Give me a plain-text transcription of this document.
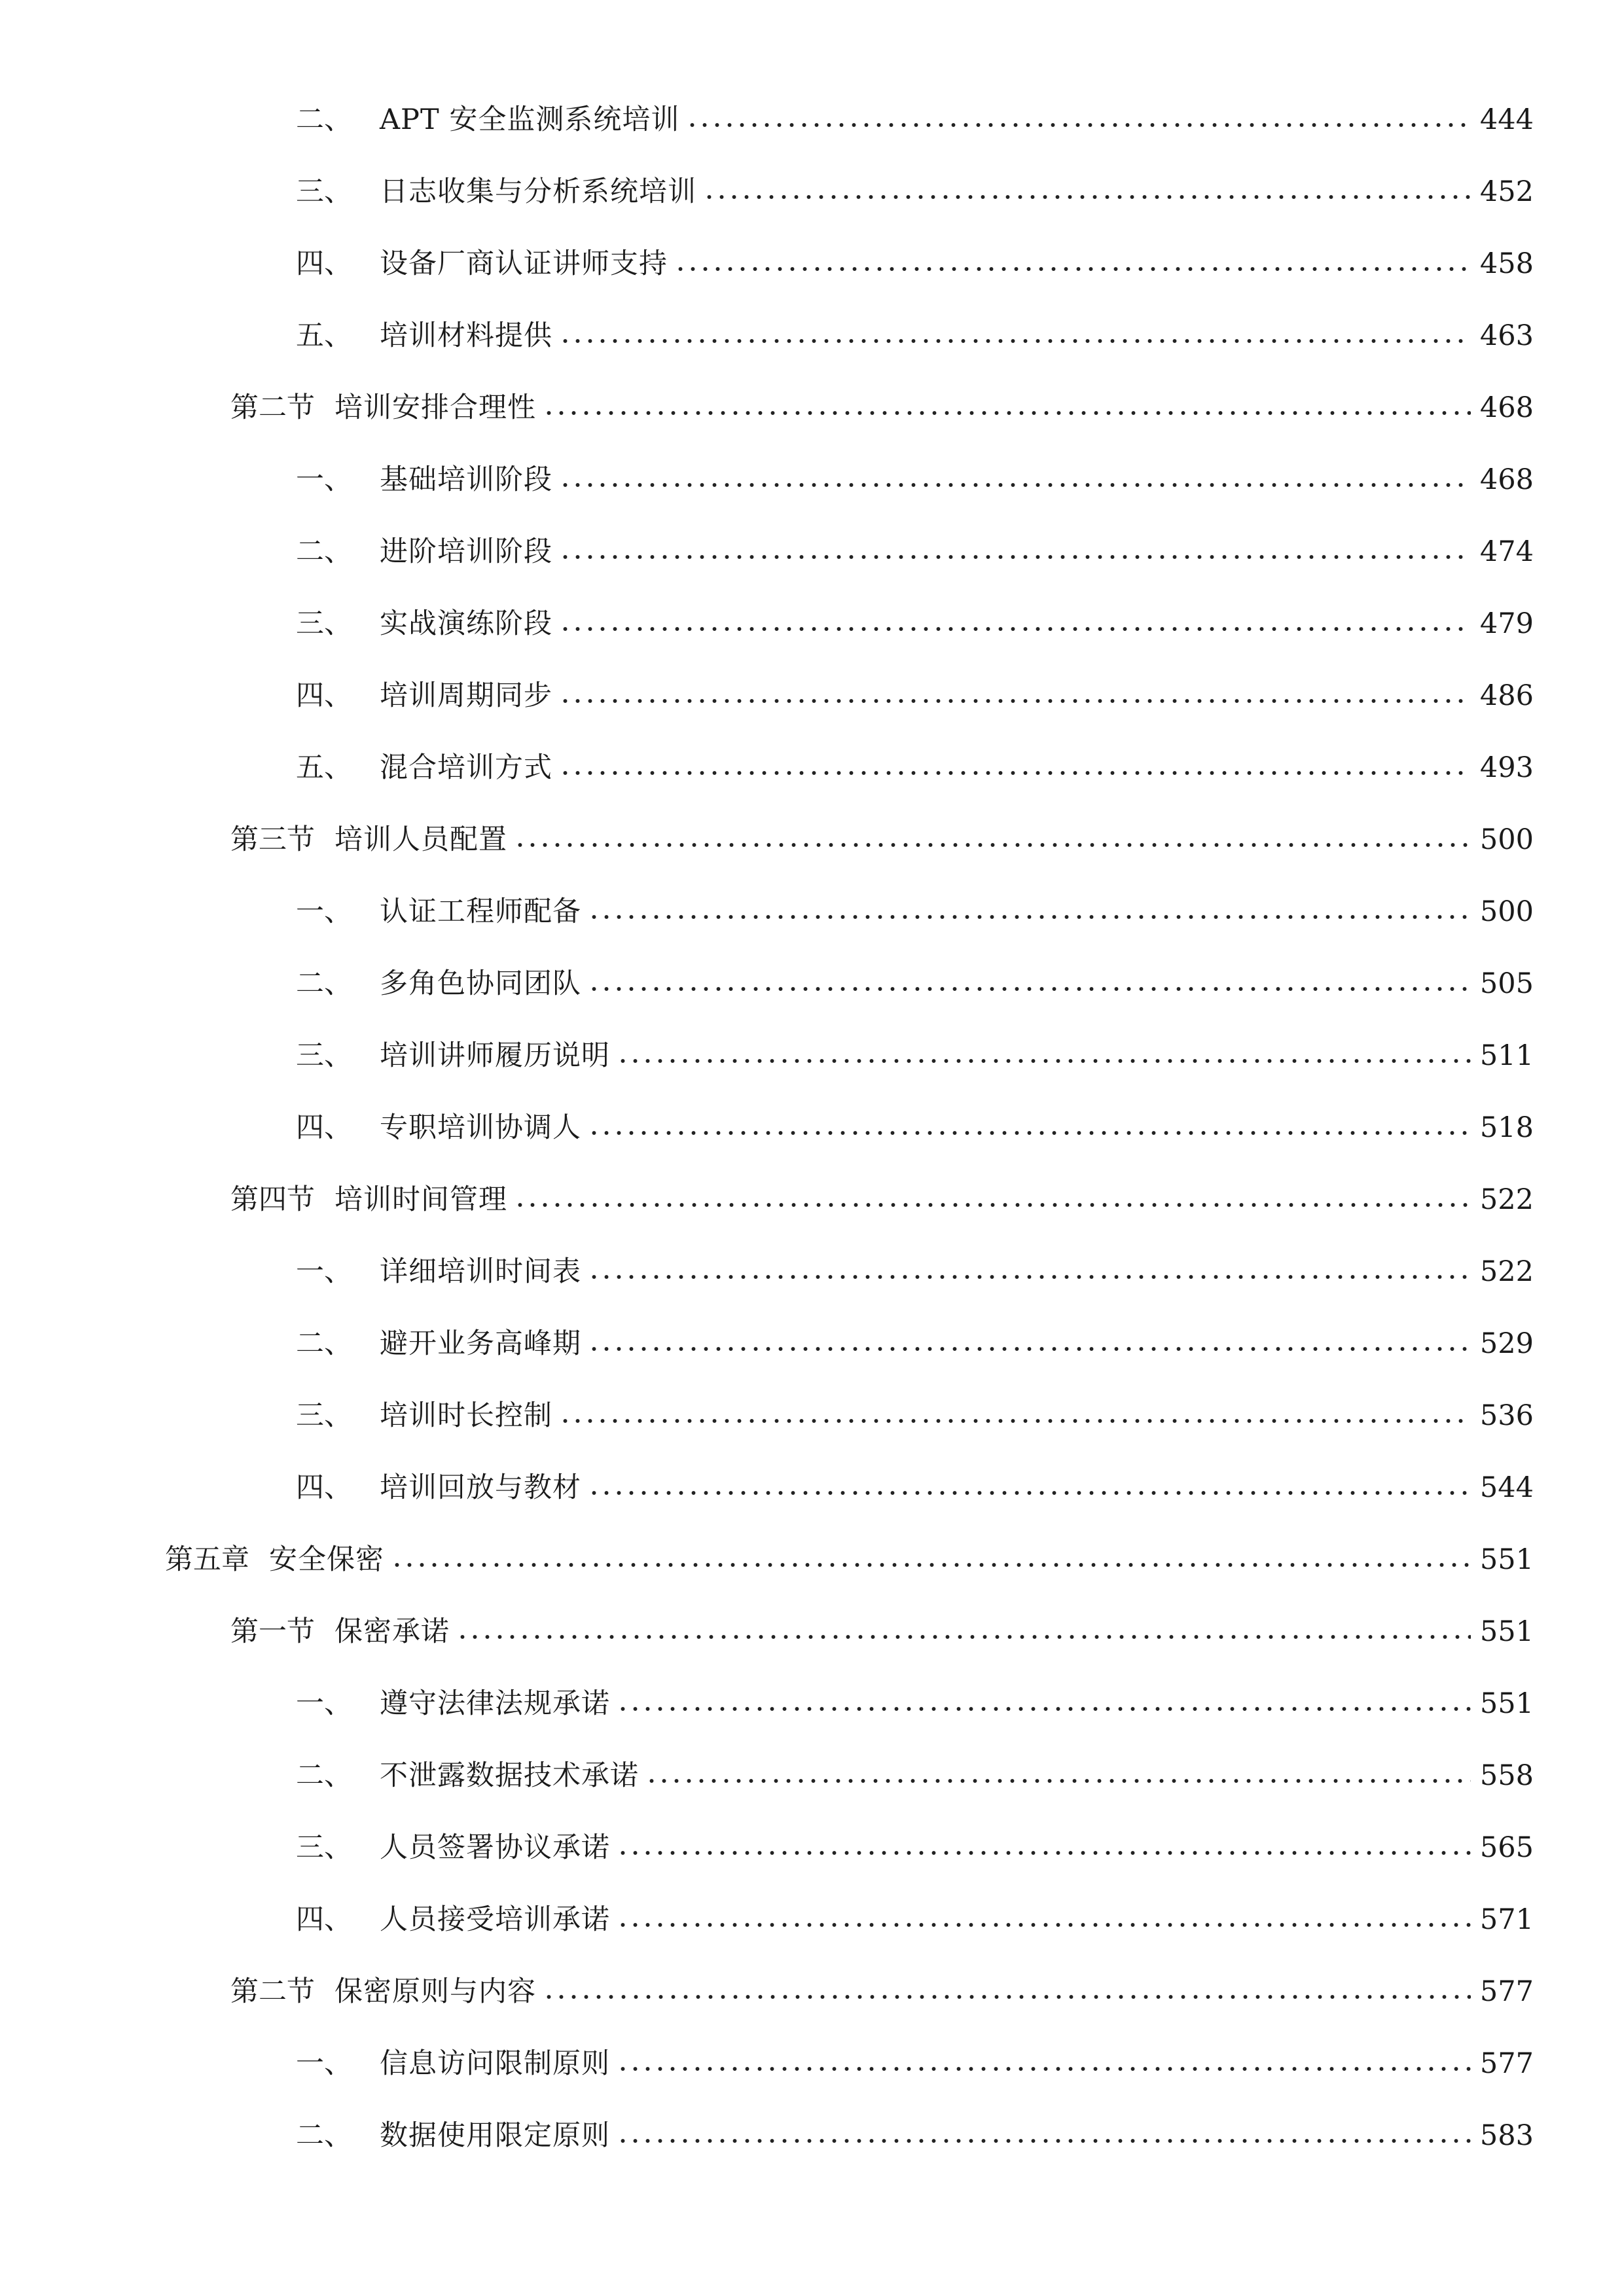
二、 APT 安全监测系统培训	444
三、 日志收集与分析系统培训	452
四、 设备厂商认证讲师支持	458
五、 培训材料提供	463
第二节 培训安排合理性	468
一、 基础培训阶段	468
二、 进阶培训阶段	474
三、 实战演练阶段	479
四、 培训周期同步	486
五、 混合培训方式	493
第三节 培训人员配置	500
一、 认证工程师配备	500
二、 多角色协同团队	505
三、 培训讲师履历说明	511
四、 专职培训协调人	518
第四节 培训时间管理	522
一、 详细培训时间表	522
二、 避开业务高峰期	529
三、 培训时长控制	536
四、 培训回放与教材	544
第五章 安全保密	551
第一节 保密承诺	551
一、 遵守法律法规承诺	551
二、 不泄露数据技术承诺	558
三、 人员签署协议承诺	565
四、 人员接受培训承诺	571
第二节 保密原则与内容	577
一、 信息访问限制原则	577
二、 数据使用限定原则	583
